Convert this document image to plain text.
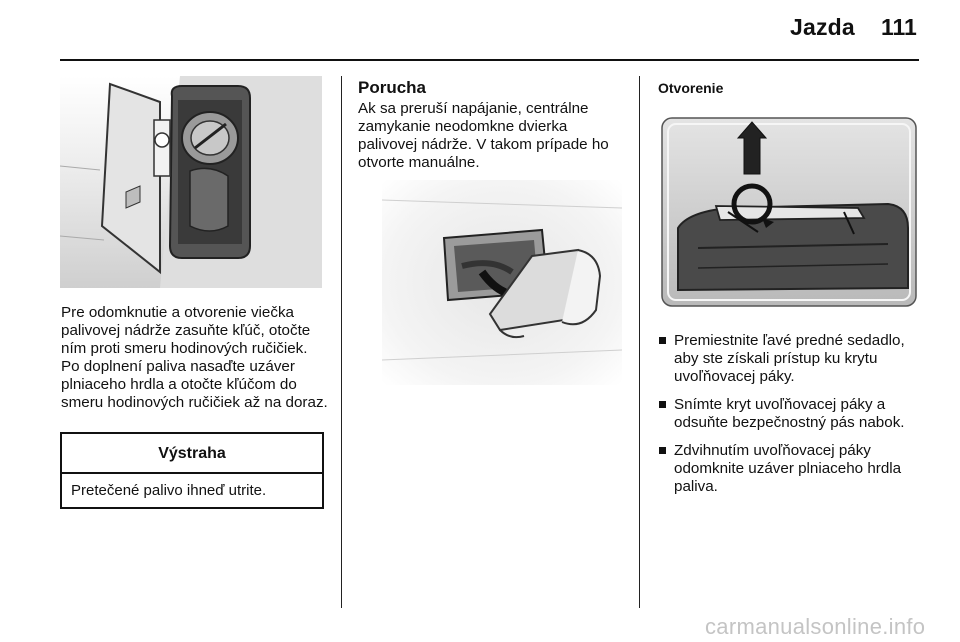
Jazda 111
Pre odomknutie a otvorenie viečka palivovej nádrže zasuňte kľúč, otočte ním proti smeru hodinových ručičiek. Po doplnení paliva nasaďte uzáver plniaceho hrdla a otočte kľúčom do smeru hodinových ručičiek až na doraz.
Výstraha
Pretečené palivo ihneď utrite.
Porucha
Ak sa preruší napájanie, centrálne zamykanie neodomkne dvierka palivovej nádrže. V takom prípade ho otvorte manuálne.
Otvorenie
Premiestnite ľavé predné sedadlo, aby ste získali prístup ku krytu uvoľňovacej páky.
Snímte kryt uvoľňovacej páky a odsuňte bezpečnostný pás nabok.
Zdvihnutím uvoľňovacej páky odomknite uzáver plniaceho hrdla paliva.
carmanualsonline.info
